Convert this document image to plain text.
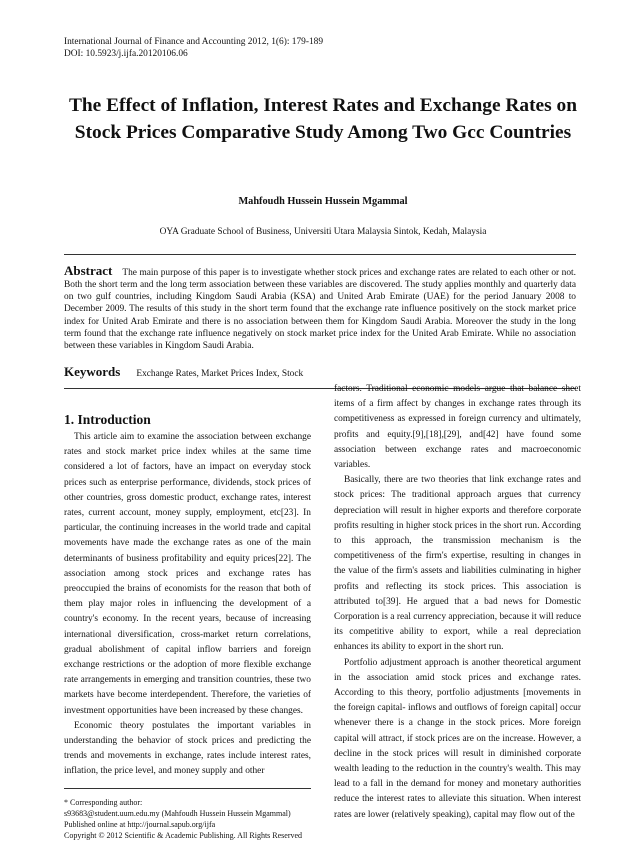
International Journal of Finance and Accounting 2012, 1(6): 179-189
DOI: 10.5923/j.ijfa.20120106.06
The Effect of Inflation, Interest Rates and Exchange Rates on Stock Prices Comparative Study Among Two Gcc Countries
Mahfoudh Hussein Hussein Mgammal
OYA Graduate School of Business, Universiti Utara Malaysia Sintok, Kedah, Malaysia

Abstract The main purpose of this paper is to investigate whether stock prices and exchange rates are related to each other or not. Both the short term and the long term association between these variables are discovered. The study applies monthly and quarterly data on two gulf countries, including Kingdom Saudi Arabia (KSA) and United Arab Emirate (UAE) for the period January 2008 to December 2009. The results of this study in the short term found that the exchange rate influence positively on the stock market price index for United Arab Emirate and there is no association between them for Kingdom Saudi Arabia. Moreover the study in the long term found that the exchange rate influence negatively on stock market price index for the United Arab Emirate. While no association between these variables in Kingdom Saudi Arabia.

Keywords Exchange Rates, Market Prices Index, Stock

1. Introduction

This article aim to examine the association between exchange rates and stock market price index whiles at the same time considered a lot of factors, have an impact on everyday stock prices such as enterprise performance, dividends, stock prices of other countries, gross domestic product, exchange rates, interest rates, current account, money supply, employment, etc[23]. In particular, the continuing increases in the world trade and capital movements have made the exchange rates as one of the main determinants of business profitability and equity prices[22]. The association among stock prices and exchange rates has preoccupied the brains of economists for the reason that both of them play major roles in influencing the development of a country's economy. In the recent years, because of increasing international diversification, cross-market return correlations, gradual abolishment of capital inflow barriers and foreign exchange restrictions or the adoption of more flexible exchange rate arrangements in emerging and transition countries, these two markets have become interdependent. Therefore, the varieties of investment opportunities have been increased by these changes.

Economic theory postulates the important variables in understanding the behavior of stock prices and predicting the trends and movements in exchange, rates include interest rates, inflation, the price level, and money supply and other

factors. Traditional economic models argue that balance sheet items of a firm affect by changes in exchange rates through its competitiveness as expressed in foreign currency and ultimately, profits and equity.[9],[18],[29], and[42] have found some association between exchange rates and macroeconomic variables.

Basically, there are two theories that link exchange rates and stock prices: The traditional approach argues that currency depreciation will result in higher exports and therefore corporate profits resulting in higher stock prices in the short run. According to this approach, the transmission mechanism is the competitiveness of the firm's expertise, resulting in changes in the value of the firm's assets and liabilities culminating in higher profits and reflecting its stock prices. This association is attributed to[39]. He argued that a bad news for Domestic Corporation is a real currency appreciation, because it will reduce its competitive ability to export, while a real depreciation enhances its ability to export in the short run.

Portfolio adjustment approach is another theoretical argument in the association amid stock prices and exchange rates. According to this theory, portfolio adjustments [movements in the foreign capital- inflows and outflows of foreign capital] occur whenever there is a change in the stock prices. More foreign capital will attract, if stock prices are on the increase. However, a decline in the stock prices will result in diminished corporate wealth leading to the reduction in the country's wealth. This may lead to a fall in the demand for money and monetary authorities reduce the interest rates to alleviate this situation. When interest rates are lower (relatively speaking), capital may flow out of the

* Corresponding author:

s93683@student.uum.edu.my (Mahfoudh Hussein Hussein Mgammal)

Published online at http://journal.sapub.org/ijfa

Copyright © 2012 Scientific & Academic Publishing. All Rights Reserved
